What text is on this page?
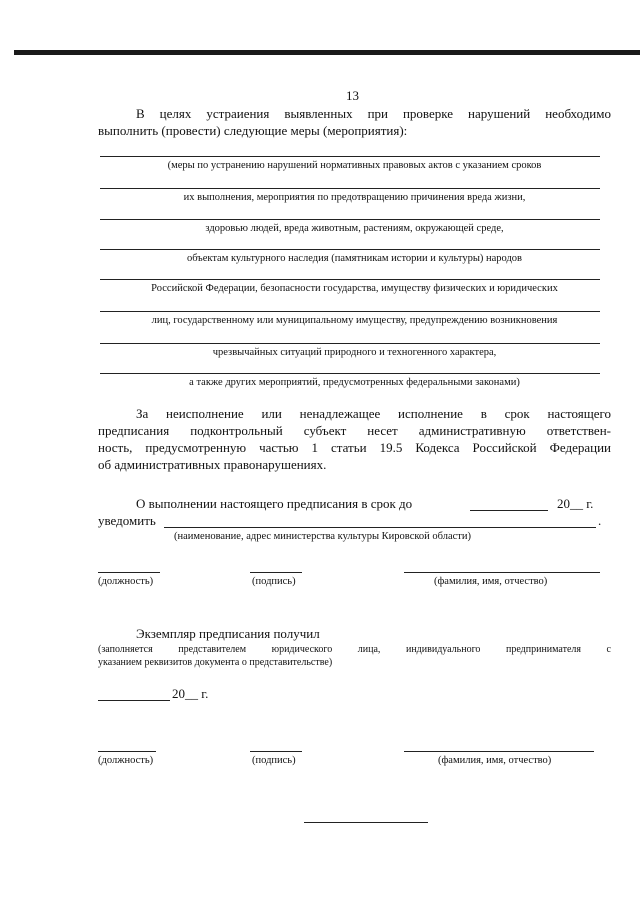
13
В целях устраиения выявленных при проверке нарушений необходимо
выполнить (провести) следующие меры (мероприятия):
(меры по устранению нарушений нормативных правовых актов с указанием сроков
их выполнения, мероприятия по предотвращению причинения вреда жизни,
здоровью людей, вреда животным, растениям, окружающей среде,
объектам культурного наследия (памятникам истории и культуры) народов
Российской Федерации, безопасности государства, имуществу физических и юридических
лиц, государственному или муниципальному имуществу, предупреждению возникновения
чрезвычайных ситуаций природного и техногенного характера,
а также других мероприятий, предусмотренных федеральными законами)
За неисполнение или ненадлежащее исполнение в срок настоящего
предписания подконтрольный субъект несет административную ответствен-
ность, предусмотренную частью 1 статьи 19.5 Кодекса Российской Федерации
об административных правонарушениях.
О выполнении настоящего предписания в срок до	20__ г.
уведомить	.
(наименование, адрес министерства культуры Кировской области)
(должность)	(подпись)	(фамилия, имя, отчество)
Экземпляр предписания получил
(заполняется представителем юридического лица, индивидуального предпринимателя с
указанием реквизитов документа о представительстве)
20__ г.
(должность)	(подпись)	(фамилия, имя, отчество)
